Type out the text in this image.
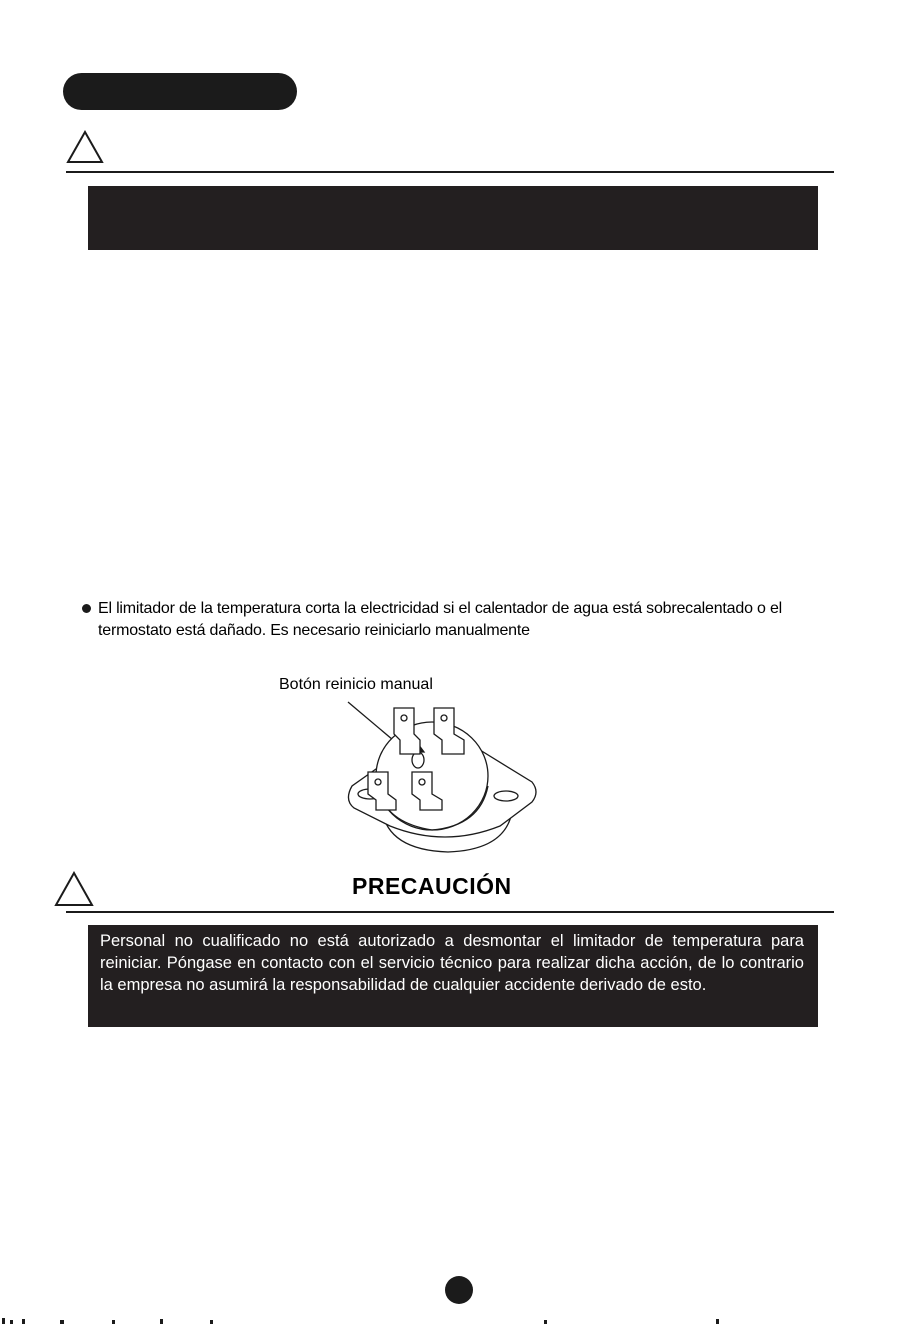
El limitador de la temperatura corta la electricidad si el calentador de agua está sobrecalentado o el termostato está dañado. Es necesario reiniciarlo manualmente
Botón reinicio manual
PRECAUCIÓN
Personal no cualificado no está autorizado a desmontar el limitador de temperatura para reiniciar. Póngase en contacto con el servicio técnico para realizar dicha acción, de lo contrario la empresa no asumirá la responsabilidad de cualquier accidente derivado de esto.
